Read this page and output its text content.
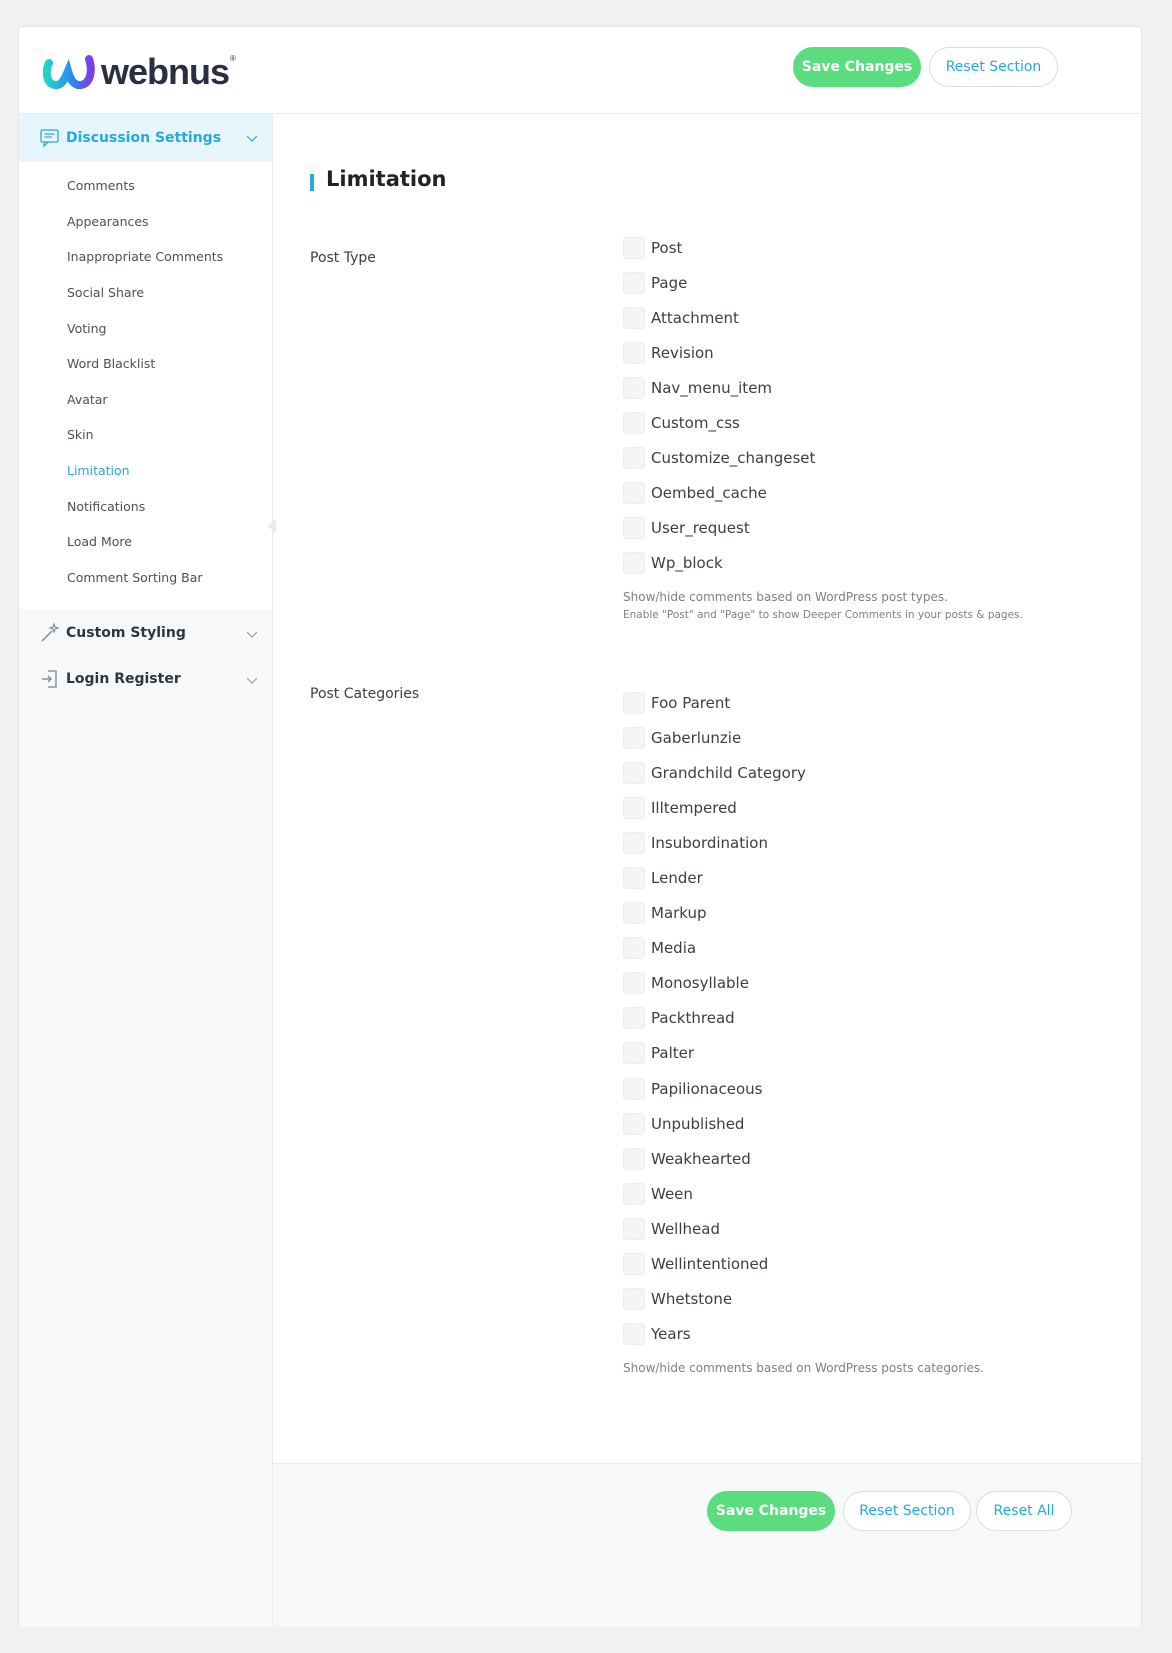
webnus ®
Save Changes	Reset Section
Discussion Settings
Comments
Appearances
Inappropriate Comments
Social Share
Voting
Word Blacklist
Avatar
Skin
Limitation
Notifications
Load More
Comment Sorting Bar
Custom Styling
Login Register
Limitation
Post Type
Post
Page
Attachment
Revision
Nav_menu_item
Custom_css
Customize_changeset
Oembed_cache
User_request
Wp_block
Show/hide comments based on WordPress post types.
Enable "Post" and "Page" to show Deeper Comments in your posts & pages.
Post Categories	Foo Parent
Gaberlunzie
Grandchild Category
Illtempered
Insubordination
Lender
Markup
Media
Monosyllable
Packthread
Palter
Papilionaceous
Unpublished
Weakhearted
Ween
Wellhead
Wellintentioned
Whetstone
Years
Show/hide comments based on WordPress posts categories.
Save Changes	Reset Section	Reset All
